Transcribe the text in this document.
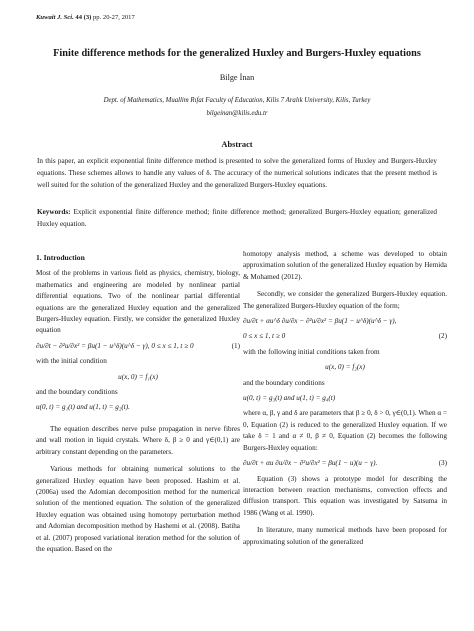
Kuwait J. Sci. 44 (3) pp. 20-27, 2017
Finite difference methods for the generalized Huxley and Burgers-Huxley equations
Bilge İnan
Dept. of Mathematics, Muallim Rıfat Faculty of Education, Kilis 7 Aralık University, Kilis, Turkey
bilgeinan@kilis.edu.tr
Abstract
In this paper, an explicit exponential finite difference method is presented to solve the generalized forms of Huxley and Burgers-Huxley equations. These schemes allows to handle any values of δ. The accuracy of the numerical solutions indicates that the present method is well suited for the solution of the generalized Huxley and the generalized Burgers-Huxley equations.
Keywords: Explicit exponential finite difference method; finite difference method; generalized Burgers-Huxley equation; generalized Huxley equation.

1. Introduction

Most of the problems in various field as physics, chemistry, biology, mathematics and engineering are modeled by nonlinear partial differential equations. Two of the nonlinear partial differential equations are the generalized Huxley equation and the generalized Burgers-Huxley equation. Firstly, we consider the generalized Huxley equation

∂u/∂t − ∂²u/∂x² = βu(1 − u^δ)(u^δ − γ), 0 ≤ x ≤ 1, t ≥ 0	(1)

with the initial condition

u(x, 0) = f₁(x)

and the boundary conditions

u(0, t) = g₁(t) and u(1, t) = g₂(t).

The equation describes nerve pulse propagation in nerve fibres and wall motion in liquid crystals. Where δ, β ≥ 0 and γ∈(0,1) are arbitrary constant depending on the parameters.

Various methods for obtaining numerical solutions to the generalized Huxley equation have been proposed. Hashim et al. (2006a) used the Adomian decomposition method for the numerical solution of the mentioned equation. The solution of the generalized Huxley equation was obtained using homotopy perturbation method and Adomian decomposition method by Hashemi et al. (2008). Batiha et al. (2007) proposed variational iteration method for the solution of the equation. Based on the

homotopy analysis method, a scheme was developed to obtain approximation solution of the generalized Huxley equation by Hemida & Mohamed (2012).

Secondly, we consider the generalized Burgers-Huxley equation. The generalized Burgers-Huxley equation of the form;

∂u/∂t + αu^δ ∂u/∂x − ∂²u/∂x² = βu(1 − u^δ)(u^δ − γ),

0 ≤ x ≤ 1, t ≥ 0	(2)

with the following initial conditions taken from

u(x, 0) = f₂(x)

and the boundary conditions

u(0, t) = g₃(t) and u(1, t) = g₄(t)

where α, β, γ and δ are parameters that β ≥ 0, δ > 0, γ∈(0,1). When α = 0, Equation (2) is reduced to the generalized Huxley equation. If we take δ = 1 and α ≠ 0, β ≠ 0, Equation (2) becomes the following Burgers-Huxley equation:

∂u/∂t + αu ∂u/∂x − ∂²u/∂x² = βu(1 − u)(u − γ).	(3)

Equation (3) shows a prototype model for describing the interaction between reaction mechanisms, convection effects and diffusion transport. This equation was investigated by Satsuma in 1986 (Wang et al. 1990).

In literature, many numerical methods have been proposed for approximating solution of the generalized
